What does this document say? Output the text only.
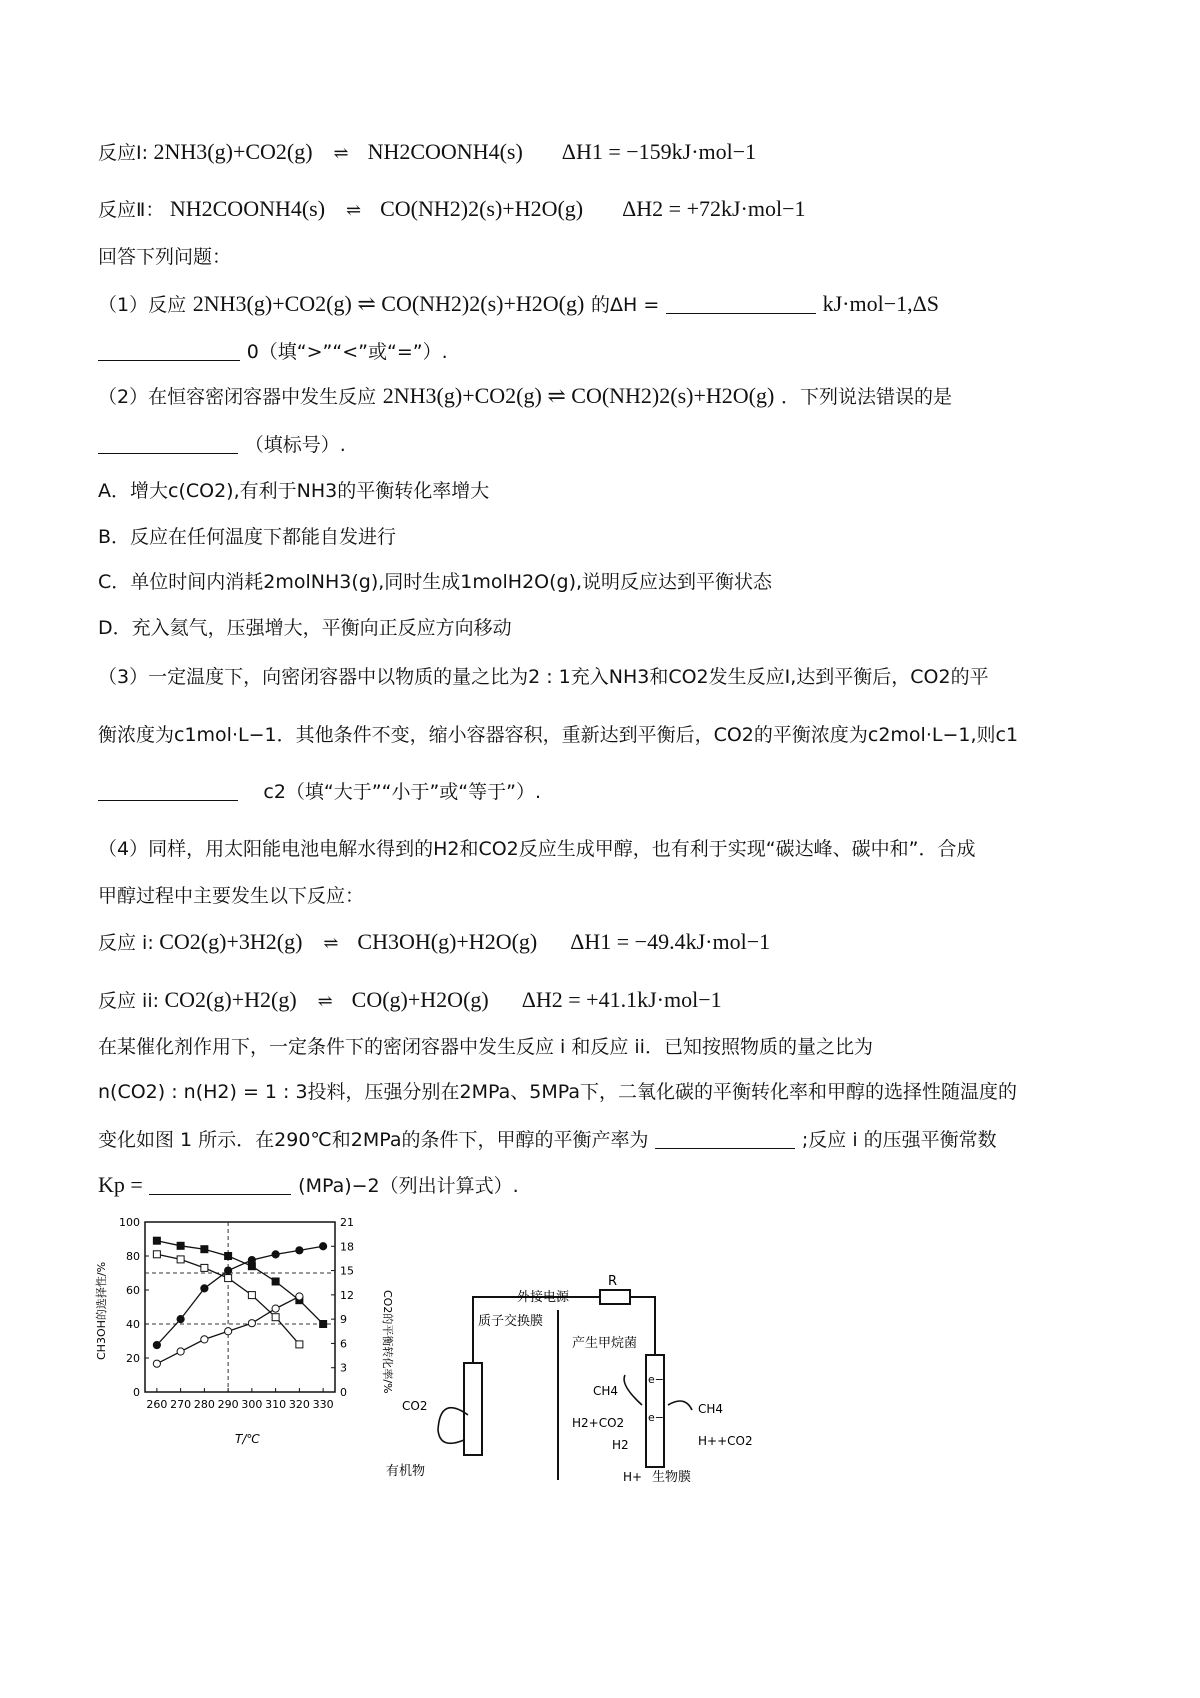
反应Ⅰ: 2NH3(g)+CO2(g) ⇌ NH2COONH4(s) ΔH1 = −159kJ·mol−1
反应Ⅱ： NH2COONH4(s) ⇌ CO(NH2)2(s)+H2O(g) ΔH2 = +72kJ·mol−1
回答下列问题：
（1）反应 2NH3(g)+CO2(g) ⇌ CO(NH2)2(s)+H2O(g) 的ΔH =	kJ·mol−1,ΔS
0（填“>”“<”或“=”）.
（2）在恒容密闭容器中发生反应 2NH3(g)+CO2(g) ⇌ CO(NH2)2(s)+H2O(g) ．下列说法错误的是
（填标号）.
A．增大c(CO2),有利于NH3的平衡转化率增大
B．反应在任何温度下都能自发进行
C．单位时间内消耗2molNH3(g),同时生成1molH2O(g),说明反应达到平衡状态
D．充入氦气，压强增大，平衡向正反应方向移动
（3）一定温度下，向密闭容器中以物质的量之比为2 : 1充入NH3和CO2发生反应Ⅰ,达到平衡后，CO2的平
衡浓度为c1mol·L−1．其他条件不变，缩小容器容积，重新达到平衡后，CO2的平衡浓度为c2mol·L−1,则c1
c2（填“大于”“小于”或“等于”）.
（4）同样，用太阳能电池电解水得到的H2和CO2反应生成甲醇，也有利于实现“碳达峰、碳中和”．合成
甲醇过程中主要发生以下反应：
反应 i: CO2(g)+3H2(g) ⇌ CH3OH(g)+H2O(g) ΔH1 = −49.4kJ·mol−1
反应 ii: CO2(g)+H2(g) ⇌ CO(g)+H2O(g) ΔH2 = +41.1kJ·mol−1
在某催化剂作用下，一定条件下的密闭容器中发生反应 i 和反应 ii．已知按照物质的量之比为
n(CO2) : n(H2) = 1 : 3投料，压强分别在2MPa、5MPa下，二氧化碳的平衡转化率和甲醇的选择性随温度的
变化如图 1 所示．在290℃和2MPa的条件下，甲醇的平衡产率为	;反应 i 的压强平衡常数
Kp =	(MPa)−2（列出计算式）.
0
20
40
60
80
100
0
3
6
9
12
15
18
21
260 270 280 290 300 310 320 330
CH3OH的选择性/%	CO2的平衡转化率/%
T/℃
外接电源
R
质子交换膜
产生甲烷菌
CO2
有机物
CH4
H2+CO2
H2
e−
e−
CH4
H++CO2
H+ 生物膜
